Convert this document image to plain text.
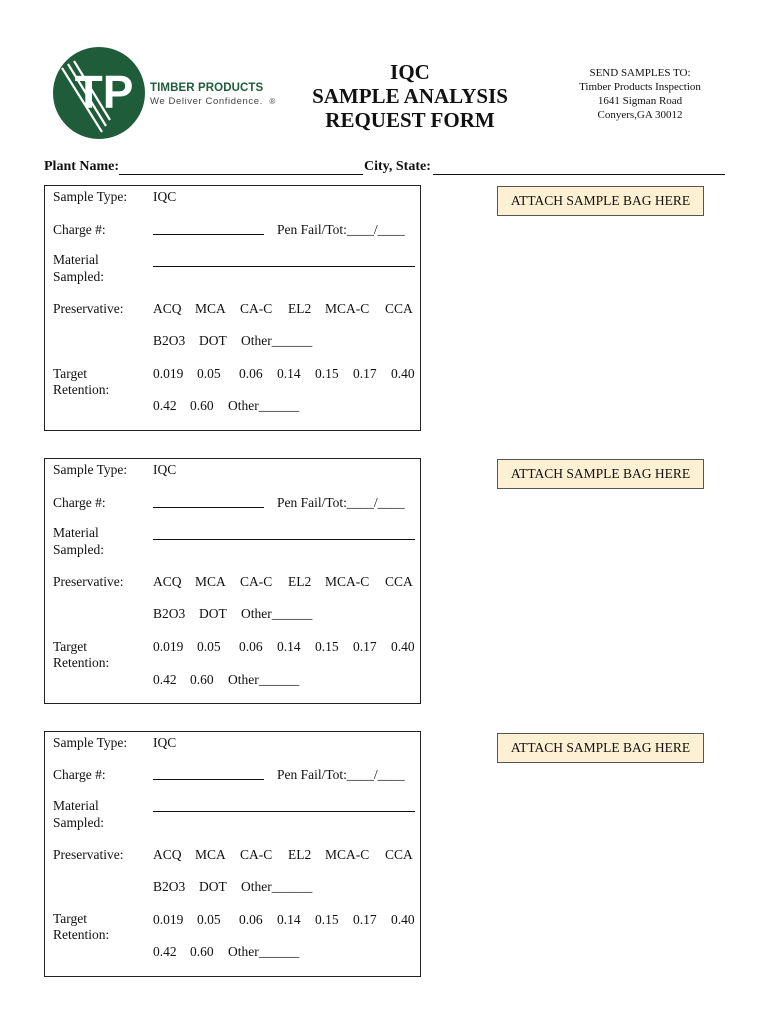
TP TIMBER PRODUCTS
We Deliver Confidence. ®
IQC
SAMPLE ANALYSIS
REQUEST FORM
SEND SAMPLES TO:
Timber Products Inspection
1641 Sigman Road
Conyers,GA 30012
Plant Name:	City, State:
Sample Type: IQC
Charge #:	Pen Fail/Tot:____/____
Material
Sampled:
Preservative: ACQ MCA CA-C EL2 MCA-C CCA
B2O3 DOT Other______
Target
Retention:
0.019 0.05 0.06 0.14 0.15 0.17 0.40
0.42 0.60 Other______
ATTACH SAMPLE BAG HERE
Sample Type: IQC
Charge #:	Pen Fail/Tot:____/____
Material
Sampled:
Preservative: ACQ MCA CA-C EL2 MCA-C CCA
B2O3 DOT Other______
Target
Retention:
0.019 0.05 0.06 0.14 0.15 0.17 0.40
0.42 0.60 Other______
ATTACH SAMPLE BAG HERE
Sample Type: IQC
Charge #:	Pen Fail/Tot:____/____
Material
Sampled:
Preservative: ACQ MCA CA-C EL2 MCA-C CCA
B2O3 DOT Other______
Target
Retention:
0.019 0.05 0.06 0.14 0.15 0.17 0.40
0.42 0.60 Other______
ATTACH SAMPLE BAG HERE
